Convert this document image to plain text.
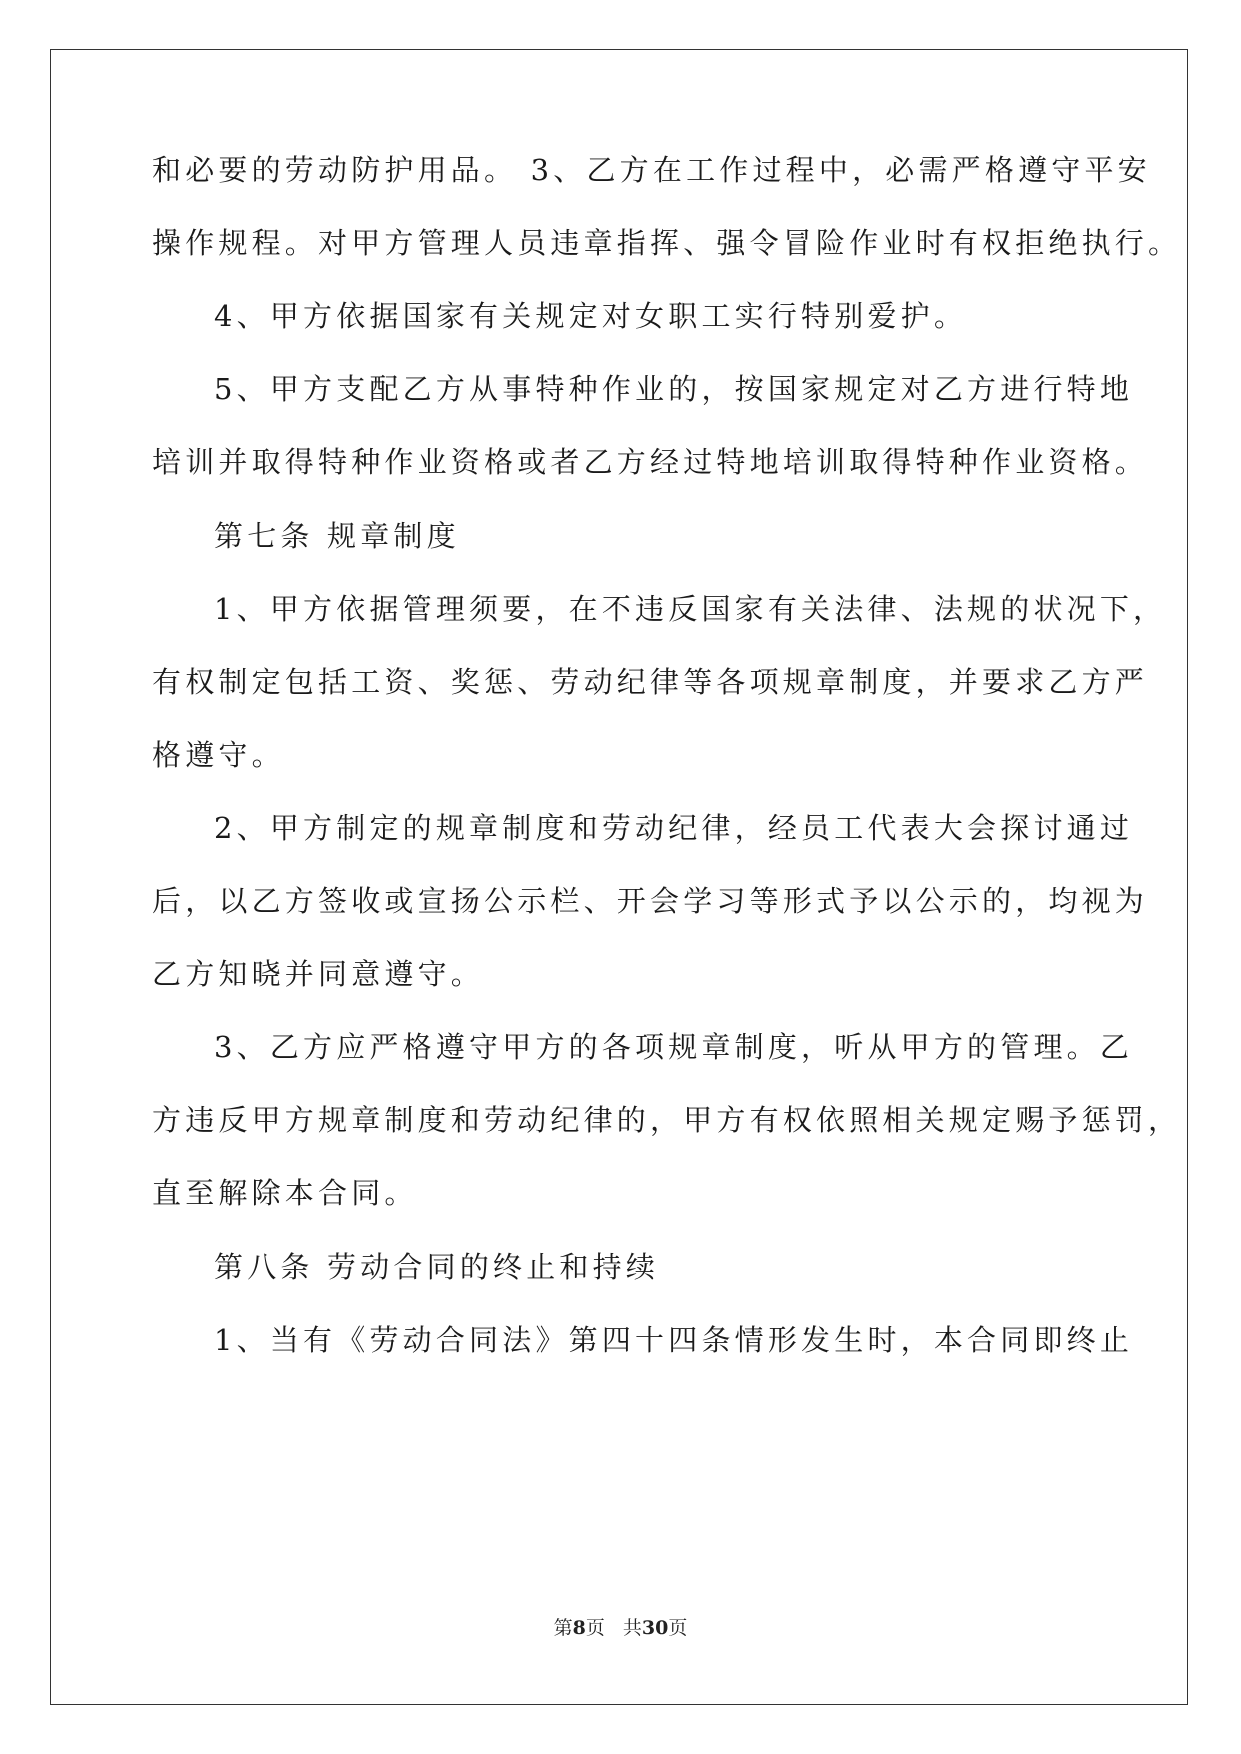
和必要的劳动防护用品。 3、乙方在工作过程中，必需严格遵守平安
操作规程。对甲方管理人员违章指挥、强令冒险作业时有权拒绝执行。
4、甲方依据国家有关规定对女职工实行特别爱护。
5、甲方支配乙方从事特种作业的，按国家规定对乙方进行特地
培训并取得特种作业资格或者乙方经过特地培训取得特种作业资格。
第七条 规章制度
1、甲方依据管理须要，在不违反国家有关法律、法规的状况下，
有权制定包括工资、奖惩、劳动纪律等各项规章制度，并要求乙方严
格遵守。
2、甲方制定的规章制度和劳动纪律，经员工代表大会探讨通过
后，以乙方签收或宣扬公示栏、开会学习等形式予以公示的，均视为
乙方知晓并同意遵守。
3、乙方应严格遵守甲方的各项规章制度，听从甲方的管理。乙
方违反甲方规章制度和劳动纪律的，甲方有权依照相关规定赐予惩罚，
直至解除本合同。
第八条 劳动合同的终止和持续
1、当有《劳动合同法》第四十四条情形发生时，本合同即终止
第8页 共30页
